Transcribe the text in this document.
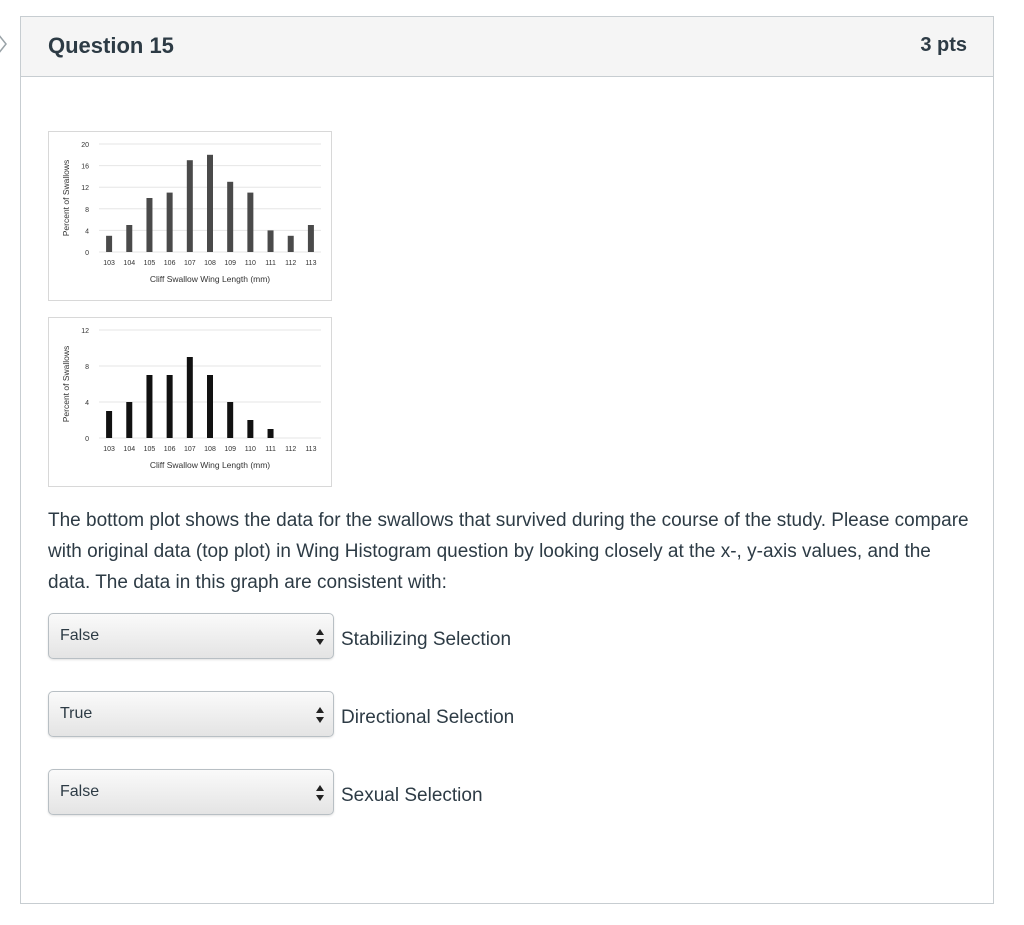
Question 15	3 pts
0
4
8
12
16
20
Percent of Swallows
103 104 105 106 107 108 109 110 111 112 113
Cliff Swallow Wing Length (mm)
0
4
8
12
Percent of Swallows
103 104 105 106 107 108 109 110 111 112 113
Cliff Swallow Wing Length (mm)

The bottom plot shows the data for the swallows that survived during the course of the study. Please compare with original data (top plot) in Wing Histogram question by looking closely at the x-, y-axis values, and the data. The data in this graph are consistent with:

False	Stabilizing Selection
True	Directional Selection
False	Sexual Selection
